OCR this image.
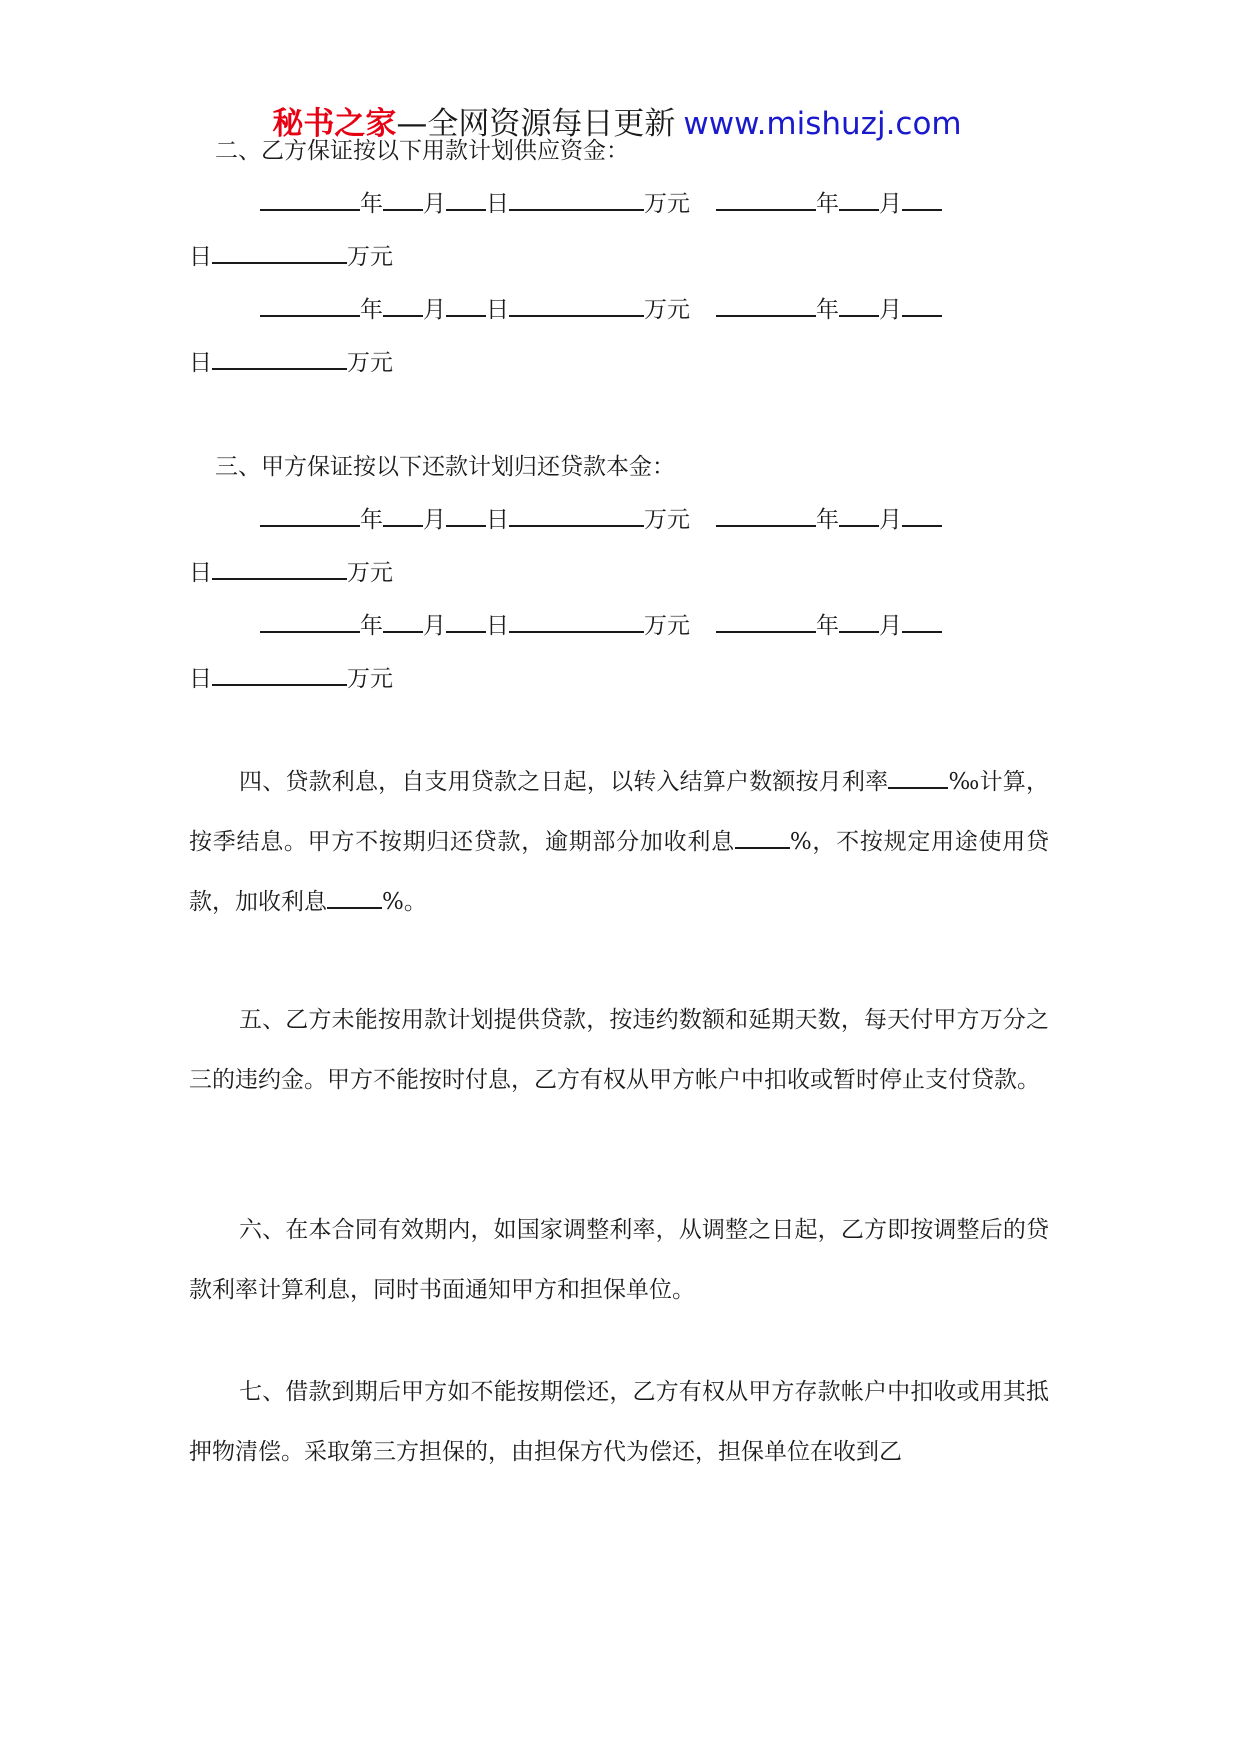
秘书之家—全网资源每日更新 www.mishuzj.com
二、乙方保证按以下用款计划供应资金：
年 月 日	万元	年 月
日	万元
年 月 日	万元	年 月
日	万元
三、甲方保证按以下还款计划归还贷款本金：
年 月 日	万元	年 月
日	万元
年 月 日	万元	年 月
日	万元
四、贷款利息，自支用贷款之日起，以转入结算户数额按月利率	‰计算，按季结息。甲方不按期归还贷款，逾期部分加收利息 %，不按规定用途使用贷款，加收利息 %。
五、乙方未能按用款计划提供贷款，按违约数额和延期天数，每天付甲方万分之三的违约金。甲方不能按时付息，乙方有权从甲方帐户中扣收或暂时停止支付贷款。
六、在本合同有效期内，如国家调整利率，从调整之日起，乙方即按调整后的贷款利率计算利息，同时书面通知甲方和担保单位。
七、借款到期后甲方如不能按期偿还，乙方有权从甲方存款帐户中扣收或用其抵押物清偿。采取第三方担保的，由担保方代为偿还，担保单位在收到乙
